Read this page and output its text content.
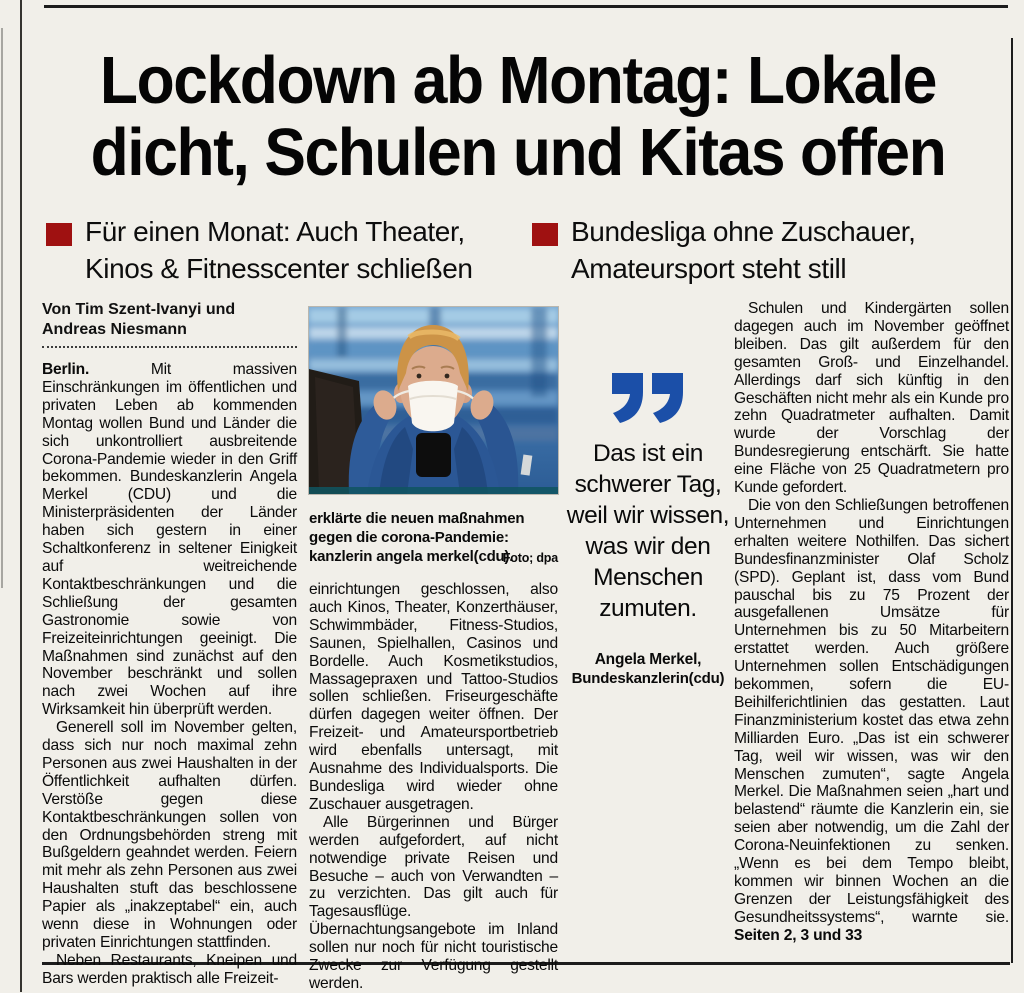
Lockdown ab Montag: Lokale
dicht, Schulen und Kitas offen
Für einen Monat: Auch Theater,
Kinos & Fitnesscenter schließen
Bundesliga ohne Zuschauer,
Amateursport steht still
Von Tim Szent-Ivanyi und
Andreas Niesmann

Berlin. Mit massiven Einschränkungen im öffentlichen und privaten Leben ab kommenden Montag wollen Bund und Länder die sich unkontrolliert ausbreitende Corona-Pandemie wieder in den Griff bekommen. Bundeskanzlerin Angela Merkel (CDU) und die Ministerpräsidenten der Länder haben sich gestern in einer Schaltkonferenz in seltener Einigkeit auf weitreichende Kontaktbeschränkungen und die Schließung der gesamten Gastronomie sowie von Freizeiteinrichtungen geeinigt. Die Maßnahmen sind zunächst auf den November beschränkt und sollen nach zwei Wochen auf ihre Wirksamkeit hin überprüft werden.

Generell soll im November gelten, dass sich nur noch maximal zehn Personen aus zwei Haushalten in der Öffentlichkeit aufhalten dürfen. Verstöße gegen diese Kontaktbeschränkungen sollen von den Ordnungsbehörden streng mit Bußgeldern geahndet werden. Feiern mit mehr als zehn Personen aus zwei Haushalten stuft das beschlossene Papier als „inakzeptabel“ ein, auch wenn diese in Wohnungen oder privaten Einrichtungen stattfinden.

Neben Restaurants, Kneipen und Bars werden praktisch alle Freizeit-

erklärte die neuen maßnahmen gegen die corona-Pandemie: kanzlerin angela merkel(cdu).

Foto; dpa

einrichtungen geschlossen, also auch Kinos, Theater, Konzerthäuser, Schwimmbäder, Fitness-Studios, Saunen, Spielhallen, Casinos und Bordelle. Auch Kosmetikstudios, Massagepraxen und Tattoo-Studios sollen schließen. Friseurgeschäfte dürfen dagegen weiter öffnen. Der Freizeit- und Amateursportbetrieb wird ebenfalls untersagt, mit Ausnahme des Individualsports. Die Bundesliga wird wieder ohne Zuschauer ausgetragen.

Alle Bürgerinnen und Bürger werden aufgefordert, auf nicht notwendige private Reisen und Besuche – auch von Verwandten – zu verzichten. Das gilt auch für Tagesausflüge. Übernachtungsangebote im Inland sollen nur noch für nicht touristische Zwecke zur Verfügung gestellt werden.

Das ist ein schwerer Tag, weil wir wissen, was wir den Menschen zumuten.
Angela Merkel,
Bundeskanzlerin(cdu)

Schulen und Kindergärten sollen dagegen auch im November geöffnet bleiben. Das gilt außerdem für den gesamten Groß- und Einzelhandel. Allerdings darf sich künftig in den Geschäften nicht mehr als ein Kunde pro zehn Quadratmeter aufhalten. Damit wurde der Vorschlag der Bundesregierung entschärft. Sie hatte eine Fläche von 25 Quadratmetern pro Kunde gefordert.

Die von den Schließungen betroffenen Unternehmen und Einrichtungen erhalten weitere Nothilfen. Das sichert Bundesfinanzminister Olaf Scholz (SPD). Geplant ist, dass vom Bund pauschal bis zu 75 Prozent der ausgefallenen Umsätze für Unternehmen bis zu 50 Mitarbeitern erstattet werden. Auch größere Unternehmen sollen Entschädigungen bekommen, sofern die EU-Beihilferichtlinien das gestatten. Laut Finanzministerium kostet das etwa zehn Milliarden Euro. „Das ist ein schwerer Tag, weil wir wissen, was wir den Menschen zumuten“, sagte Angela Merkel. Die Maßnahmen seien „hart und belastend“ räumte die Kanzlerin ein, sie seien aber notwendig, um die Zahl der Corona-Neuinfektionen zu senken. „Wenn es bei dem Tempo bleibt, kommen wir binnen Wochen an die Grenzen der Leistungsfähigkeit des Gesundheitssystems“, warnte sie. Seiten 2, 3 und 33
